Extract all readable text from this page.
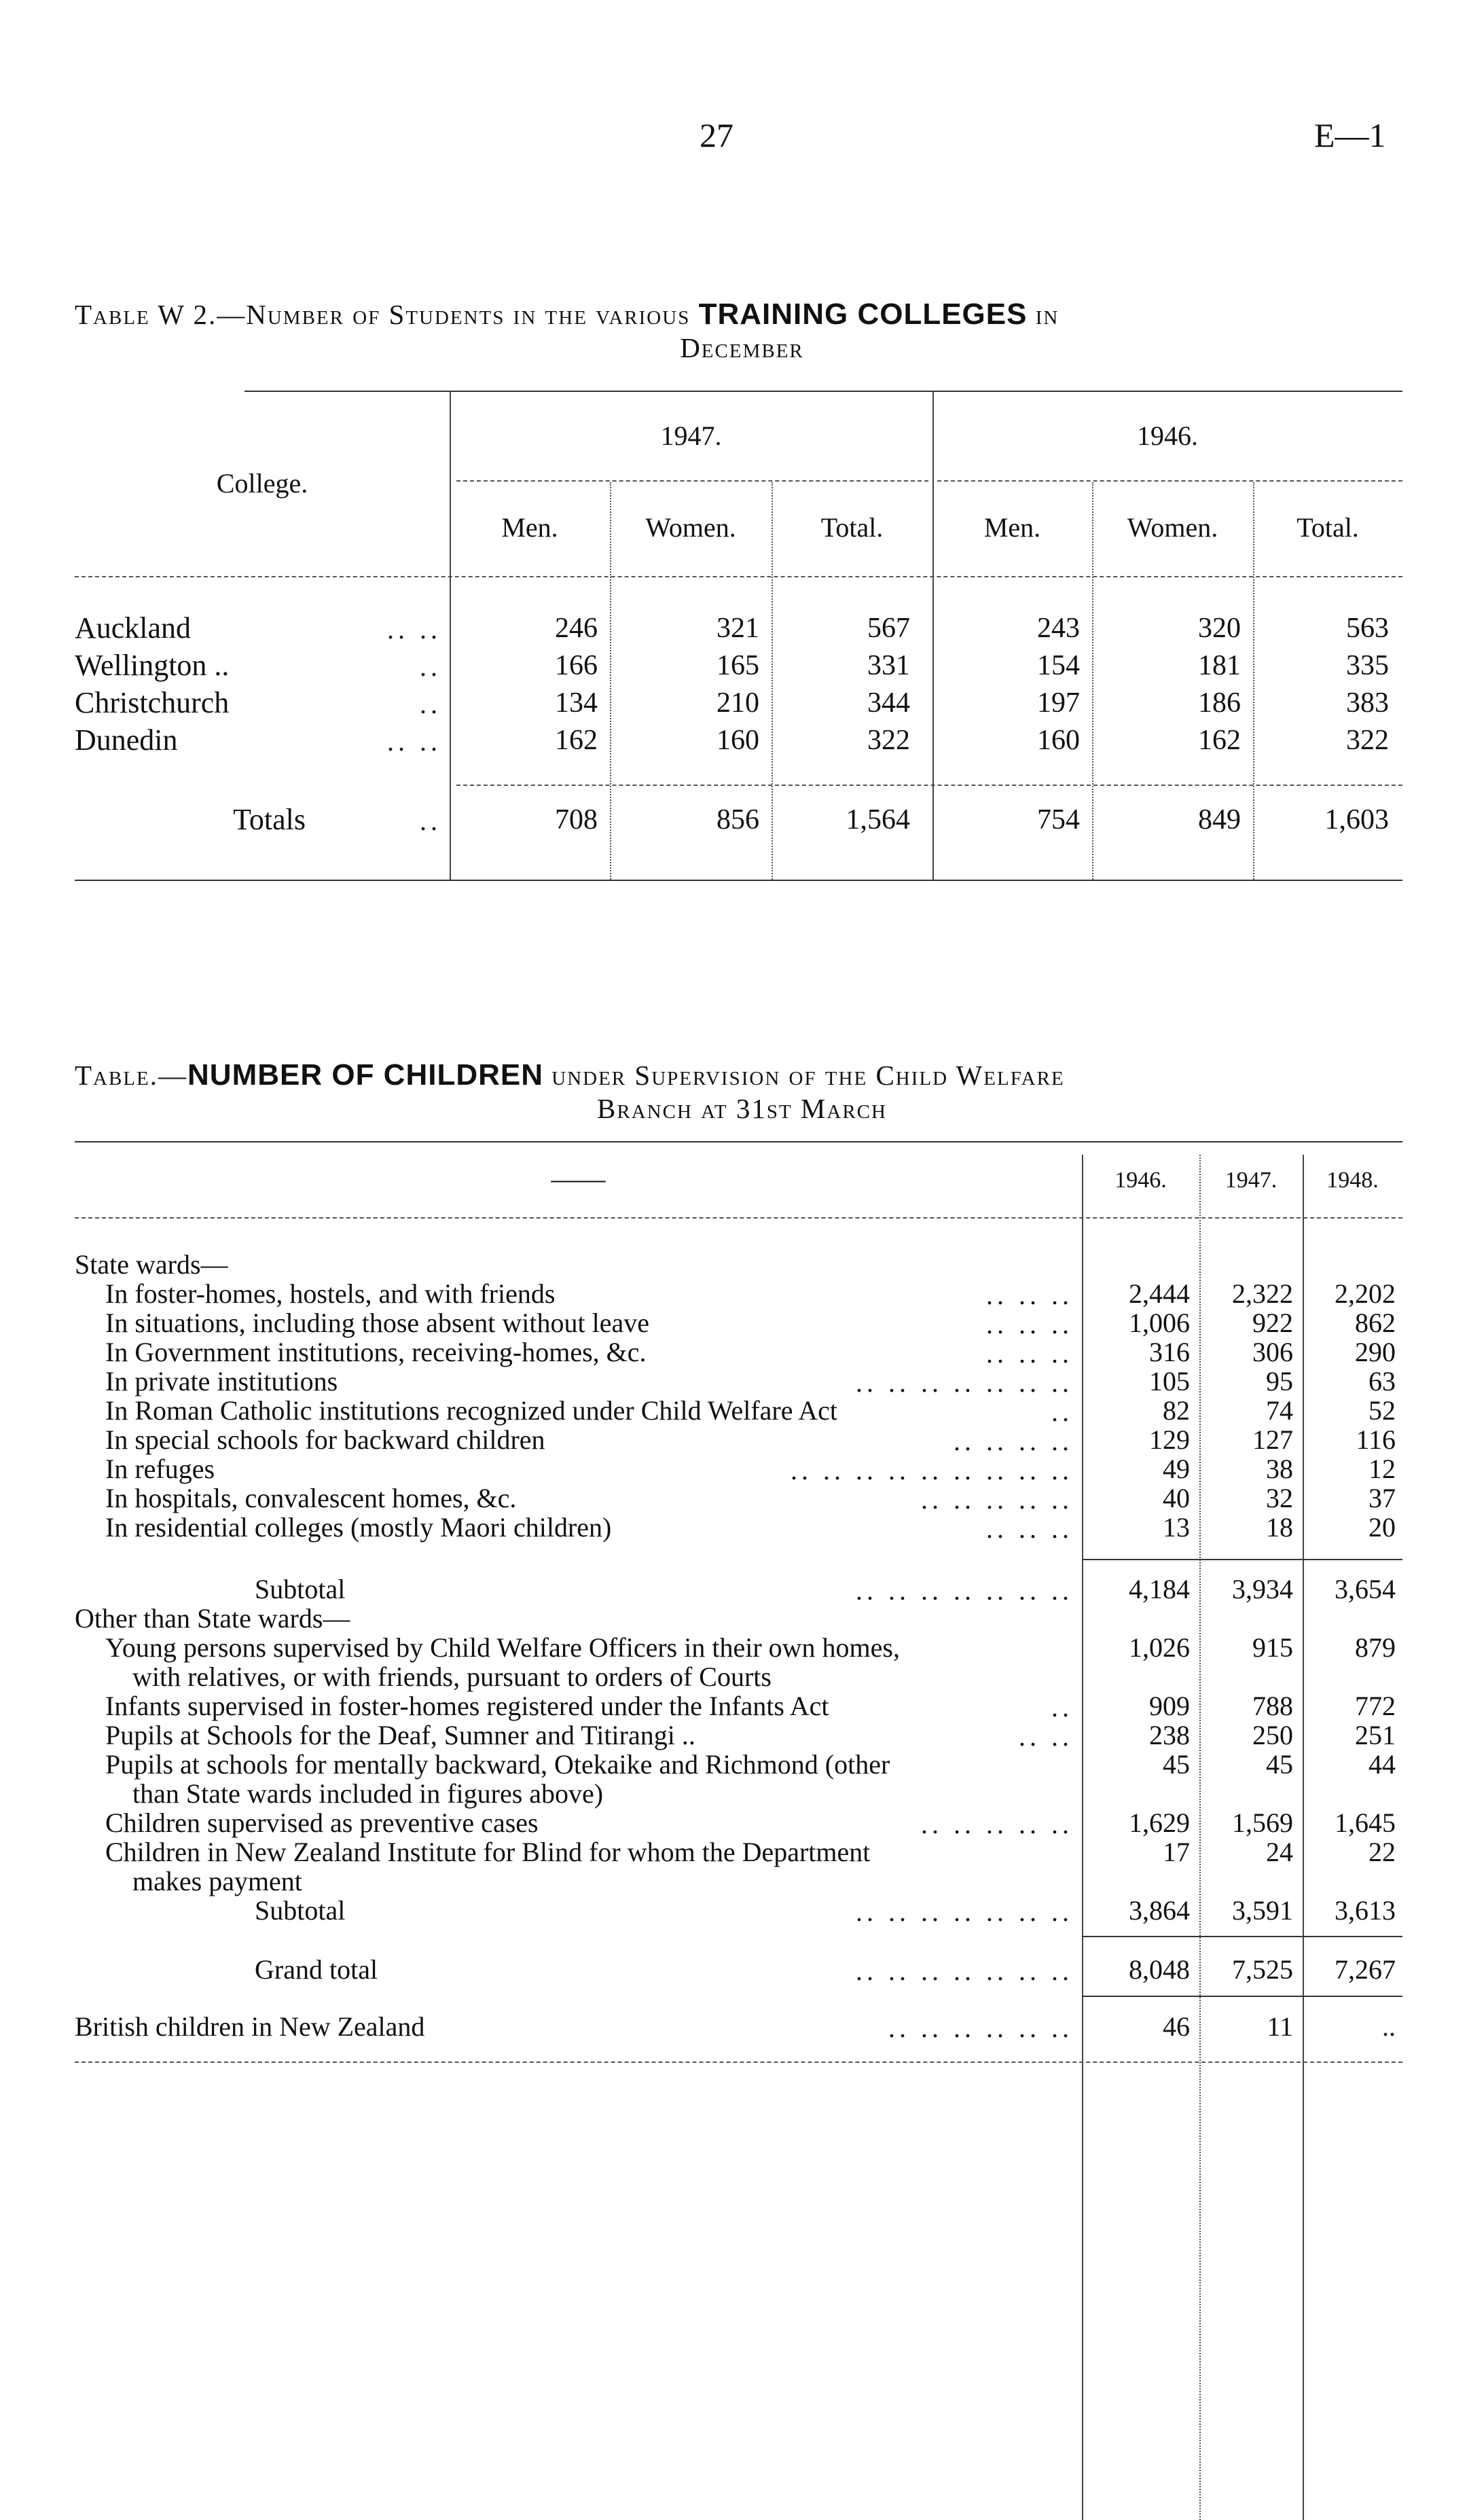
27	E—1
Table W 2.—Number of Students in the various TRAINING COLLEGES in
December
College.
1947.	1946.
Men.	Women.	Total.	Men.	Women.	Total.
Auckland	.. ..	246	321	567	243	320	563
Wellington ..	..	166	165	331	154	181	335
Christchurch	..	134	210	344	197	186	383
Dunedin	.. ..	162	160	322	160	162	322
Totals	..	708	856	1,564	754	849	1,603
Table.—NUMBER OF CHILDREN under Supervision of the Child Welfare
Branch at 31st March
——	1946.	1947.	1948.
State wards—
In foster-homes, hostels, and with friends	.. .. ..	2,444	2,322	2,202
In situations, including those absent without leave	.. .. ..	1,006	922	862
In Government institutions, receiving-homes, &c.	.. .. ..	316	306	290
In private institutions	.. .. .. .. .. .. ..	105	95	63
In Roman Catholic institutions recognized under Child Welfare Act	..	82	74	52
In special schools for backward children	.. .. .. ..	129	127	116
In refuges	.. .. .. .. .. .. .. .. ..	49	38	12
In hospitals, convalescent homes, &c.	.. .. .. .. ..	40	32	37
In residential colleges (mostly Maori children)	.. .. ..	13	18	20
Subtotal	.. .. .. .. .. .. ..	4,184	3,934	3,654
Other than State wards—
Young persons supervised by Child Welfare Officers in their own homes,	1,026	915	879
with relatives, or with friends, pursuant to orders of Courts
Infants supervised in foster-homes registered under the Infants Act	..	909	788	772
Pupils at Schools for the Deaf, Sumner and Titirangi ..	.. ..	238	250	251
Pupils at schools for mentally backward, Otekaike and Richmond (other	45	45	44
than State wards included in figures above)
Children supervised as preventive cases	.. .. .. .. ..	1,629	1,569	1,645
Children in New Zealand Institute for Blind for whom the Department	17	24	22
makes payment
Subtotal	.. .. .. .. .. .. ..	3,864	3,591	3,613
Grand total	.. .. .. .. .. .. ..	8,048	7,525	7,267
British children in New Zealand	.. .. .. .. .. ..	46	11	..
